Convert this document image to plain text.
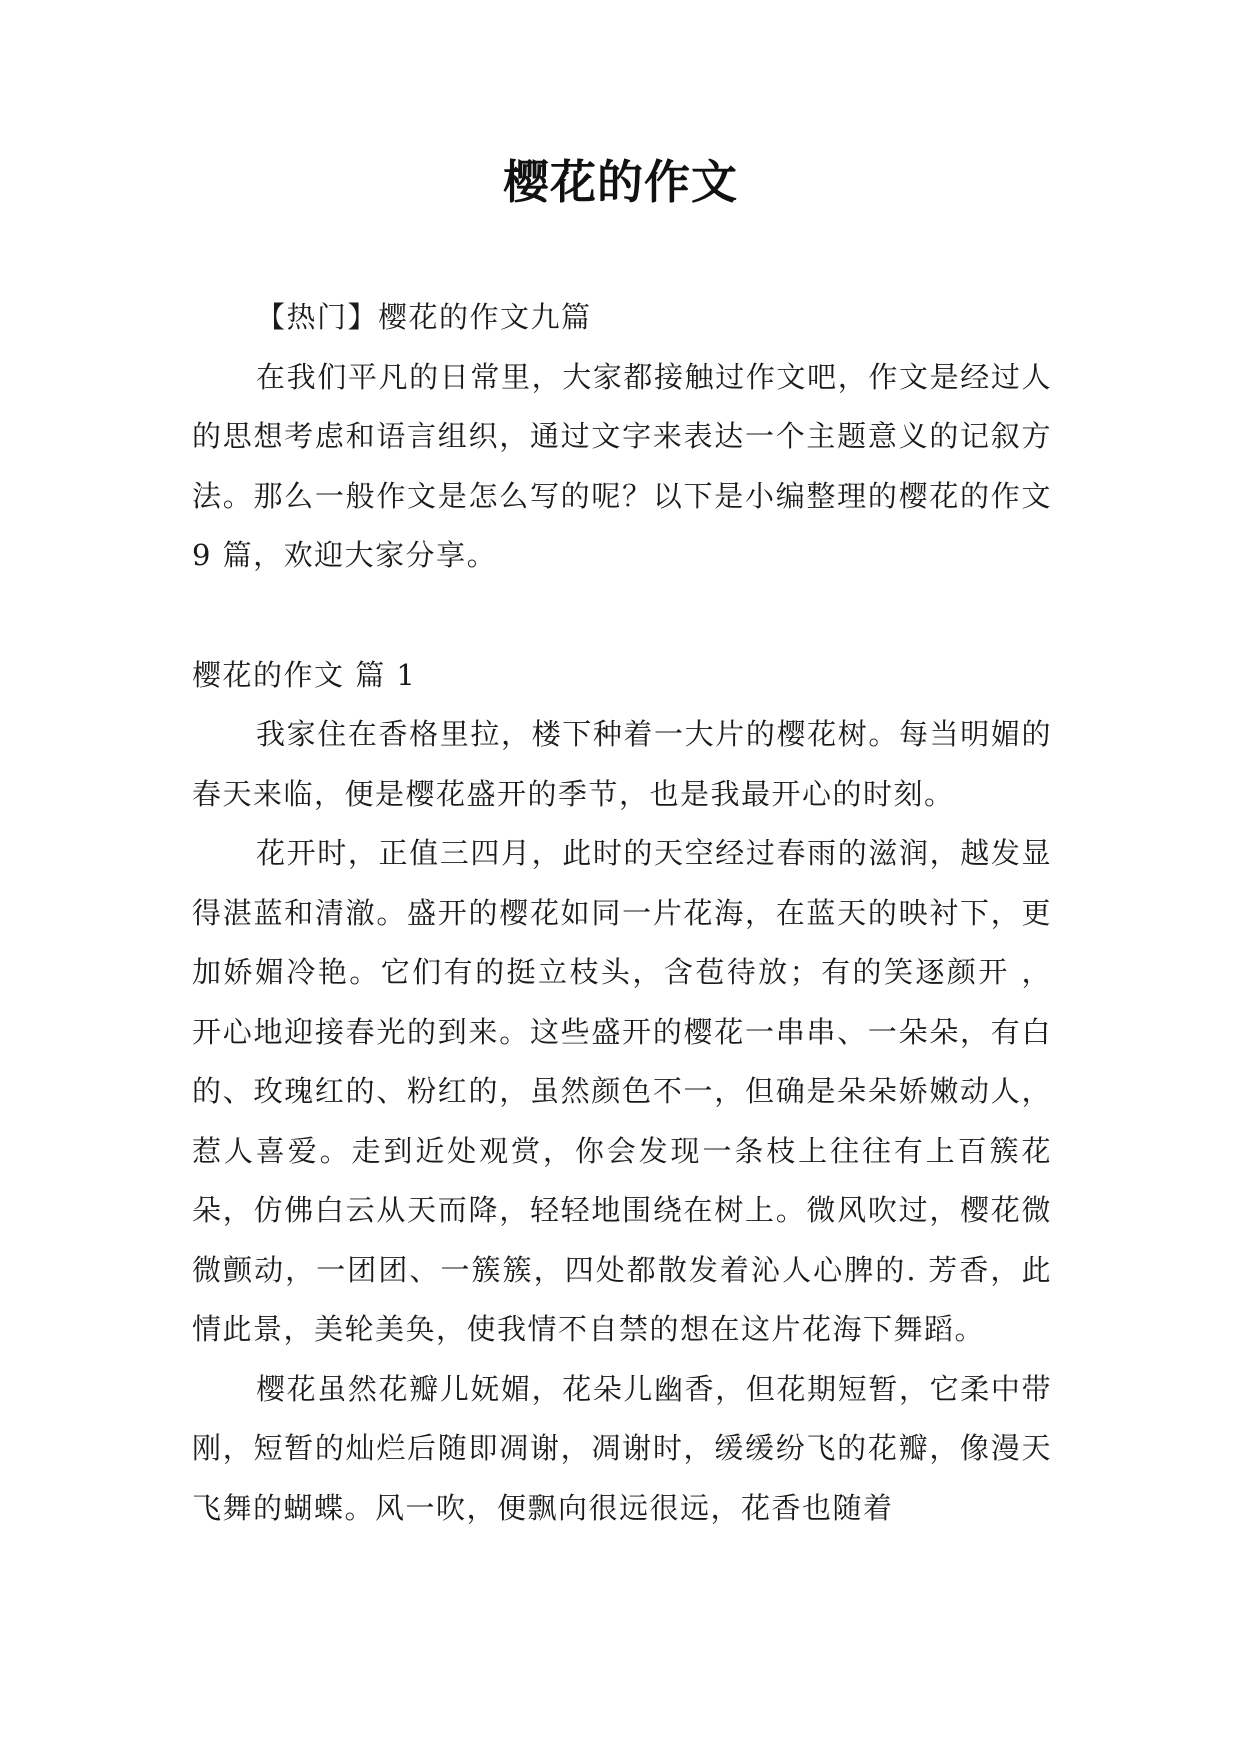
樱花的作文

【热门】樱花的作文九篇

在我们平凡的日常里，大家都接触过作文吧，作文是经过人的思想考虑和语言组织，通过文字来表达一个主题意义的记叙方法。那么一般作文是怎么写的呢？以下是小编整理的樱花的作文 9 篇，欢迎大家分享。

樱花的作文 篇 1

我家住在香格里拉，楼下种着一大片的樱花树。每当明媚的春天来临，便是樱花盛开的季节，也是我最开心的时刻。

花开时，正值三四月，此时的天空经过春雨的滋润，越发显得湛蓝和清澈。盛开的樱花如同一片花海，在蓝天的映衬下，更加娇媚冷艳。它们有的挺立枝头，含苞待放；有的笑逐颜开 ，开心地迎接春光的到来。这些盛开的樱花一串串、一朵朵，有白的、玫瑰红的、粉红的，虽然颜色不一，但确是朵朵娇嫩动人，惹人喜爱。走到近处观赏，你会发现一条枝上往往有上百簇花朵，仿佛白云从天而降，轻轻地围绕在树上。微风吹过，樱花微微颤动，一团团、一簇簇，四处都散发着沁人心脾的. 芳香，此情此景，美轮美奂，使我情不自禁的想在这片花海下舞蹈。

樱花虽然花瓣儿妩媚，花朵儿幽香，但花期短暂，它柔中带刚，短暂的灿烂后随即凋谢，凋谢时，缓缓纷飞的花瓣，像漫天飞舞的蝴蝶。风一吹，便飘向很远很远，花香也随着
